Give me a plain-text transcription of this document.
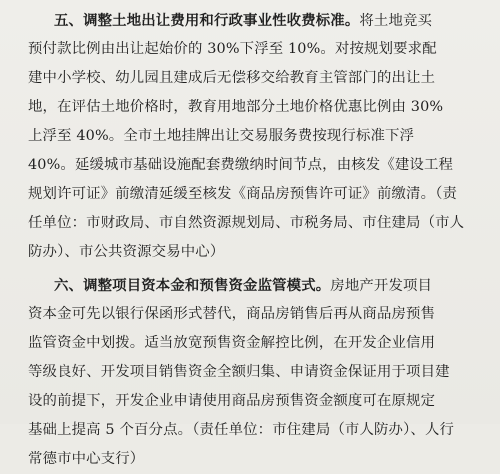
五、调整土地出让费用和行政事业性收费标准。将土地竞买
预付款比例由出让起始价的 30%下浮至 10%。对按规划要求配
建中小学校、幼儿园且建成后无偿移交给教育主管部门的出让土
地，在评估土地价格时，教育用地部分土地价格优惠比例由 30%
上浮至 40%。全市土地挂牌出让交易服务费按现行标准下浮
40%。延缓城市基础设施配套费缴纳时间节点，由核发《建设工程
规划许可证》前缴清延缓至核发《商品房预售许可证》前缴清。（责
任单位：市财政局、市自然资源规划局、市税务局、市住建局（市人
防办）、市公共资源交易中心）
六、调整项目资本金和预售资金监管模式。房地产开发项目
资本金可先以银行保函形式替代，商品房销售后再从商品房预售
监管资金中划拨。适当放宽预售资金解控比例，在开发企业信用
等级良好、开发项目销售资金全额归集、申请资金保证用于项目建
设的前提下，开发企业申请使用商品房预售资金额度可在原规定
基础上提高 5 个百分点。（责任单位：市住建局（市人防办）、人行
常德市中心支行）
